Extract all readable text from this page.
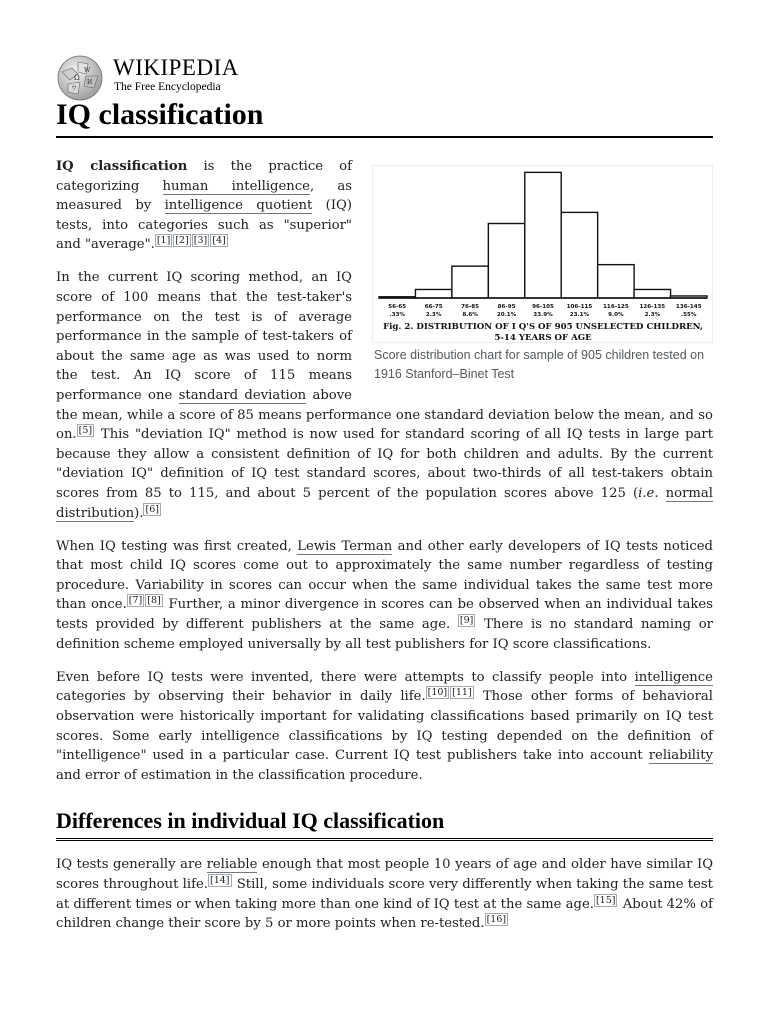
Ω
W
И
ウ
WIKIPEDIA
The Free Encyclopedia
IQ classification
56-65	66-75	76-85	86-95	96-105 106-115 116-125 126-135 136-145
.33%	2.3%	8.6%	20.1%	33.9%	23.1%	9.0%	2.3%	.55%
Fig. 2. DISTRIBUTION OF I Q'S OF 905 UNSELECTED CHILDREN,
5-14 YEARS OF AGE
Score distribution chart for sample of 905 children tested on 1916 Stanford–Binet Test

IQ classification is the practice of categorizing human intelligence, as measured by intelligence quotient (IQ) tests, into categories such as "superior" and "average". [1] [2] [3] [4]

In the current IQ scoring method, an IQ score of 100 means that the test-taker's performance on the test is of average performance in the sample of test-takers of about the same age as was used to norm the test. An IQ score of 115 means performance one standard deviation above the mean, while a score of 85 means performance one standard deviation below the mean, and so on. [5] This "deviation IQ" method is now used for standard scoring of all IQ tests in large part because they allow a consistent definition of IQ for both children and adults. By the current "deviation IQ" definition of IQ test standard scores, about two-thirds of all test-takers obtain scores from 85 to 115, and about 5 percent of the population scores above 125 (i.e. normal distribution). [6]

When IQ testing was first created, Lewis Terman and other early developers of IQ tests noticed that most child IQ scores come out to approximately the same number regardless of testing procedure. Variability in scores can occur when the same individual takes the same test more than once. [7] [8] Further, a minor divergence in scores can be observed when an individual takes tests provided by different publishers at the same age. [9] There is no standard naming or definition scheme employed universally by all test publishers for IQ score classifications.

Even before IQ tests were invented, there were attempts to classify people into intelligence categories by observing their behavior in daily life. [10] [11] Those other forms of behavioral observation were historically important for validating classifications based primarily on IQ test scores. Some early intelligence classifications by IQ testing depended on the definition of "intelligence" used in a particular case. Current IQ test publishers take into account reliability and error of estimation in the classification procedure.

Differences in individual IQ classification

IQ tests generally are reliable enough that most people 10 years of age and older have similar IQ scores throughout life. [14] Still, some individuals score very differently when taking the same test at different times or when taking more than one kind of IQ test at the same age. [15] About 42% of children change their score by 5 or more points when re-tested. [16]
